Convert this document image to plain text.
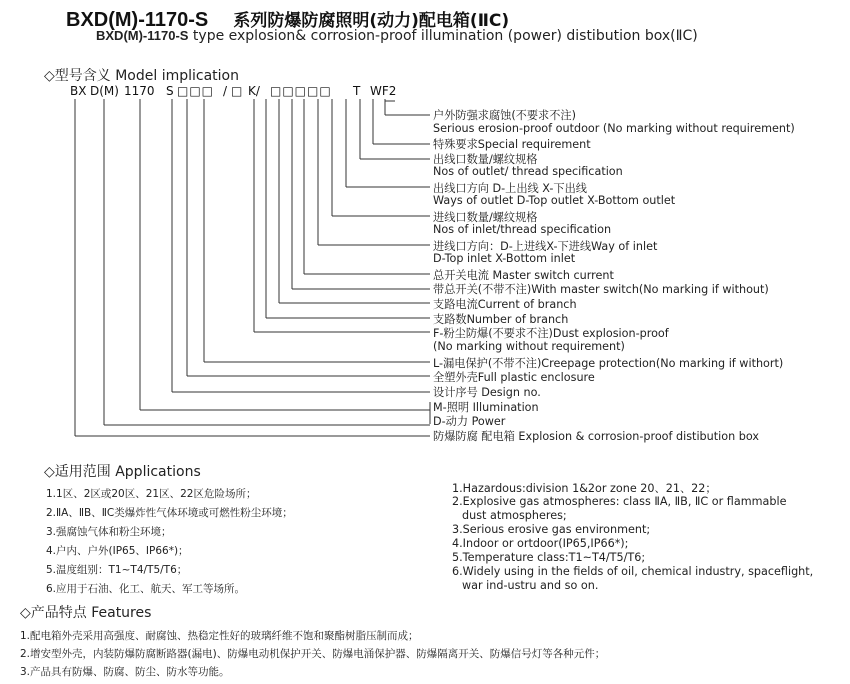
BXD(M)-1170-S 系列防爆防腐照明(动力)配电箱(ⅡC)
BXD(M)-1170-S type explosion& corrosion-proof illumination (power) distibution box(ⅡC)
◇型号含义 Model implication
BX D(M) 1170 S □□□ / □ K/ □□□□□ T WF2
户外防强求腐蚀(不要求不注)
Serious erosion-proof outdoor (No marking without requirement)
特殊要求Special requirement
出线口数量/螺纹规格
Nos of outlet/ thread specification
出线口方向 D-上出线 X-下出线
Ways of outlet D-Top outlet X-Bottom outlet
进线口数量/螺纹规格
Nos of inlet/thread specification
进线口方向：D-上进线X-下进线Way of inlet
D-Top inlet X-Bottom inlet
总开关电流 Master switch current
带总开关(不带不注)With master switch(No marking if without)
支路电流Current of branch
支路数Number of branch
F-粉尘防爆(不要求不注)Dust explosion-proof
(No marking without requirement)
L-漏电保护(不带不注)Creepage protection(No marking if withort)
全塑外壳Full plastic enclosure
设计序号 Design no.
M-照明 Illumination
D-动力 Power
防爆防腐 配电箱 Explosion & corrosion-proof distibution box
◇适用范围 Applications
1.1区、2区或20区、21区、22区危险场所；
2.ⅡA、ⅡB、ⅡC类爆炸性气体环境或可燃性粉尘环境；
3.强腐蚀气体和粉尘环境；
4.户内、户外(IP65、IP66*)；
5.温度组别：T1~T4/T5/T6；
6.应用于石油、化工、航天、军工等场所。
1.Hazardous:division 1&2or zone 20、21、22；
2.Explosive gas atmospheres: class ⅡA, ⅡB, ⅡC or flammable
dust atmospheres;
3.Serious erosive gas environment;
4.Indoor or ortdoor(IP65,IP66*);
5.Temperature class:T1~T4/T5/T6;
6.Widely using in the fields of oil, chemical industry, spaceflight,
war ind-ustru and so on.
◇产品特点 Features
1.配电箱外壳采用高强度、耐腐蚀、热稳定性好的玻璃纤维不饱和聚酯树脂压制而成；
2.增安型外壳，内装防爆防腐断路器(漏电)、防爆电动机保护开关、防爆电涌保护器、防爆隔离开关、防爆信号灯等各种元件；
3.产品具有防爆、防腐、防尘、防水等功能。
